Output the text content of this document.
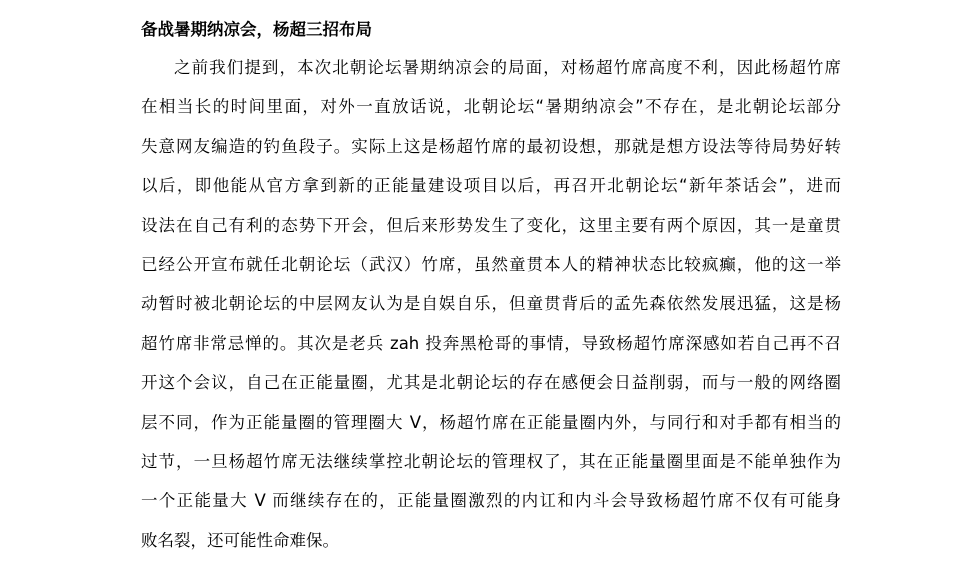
备战暑期纳凉会，杨超三招布局
之前我们提到，本次北朝论坛暑期纳凉会的局面，对杨超竹席高度不利，因此杨超竹席
在相当长的时间里面，对外一直放话说，北朝论坛“暑期纳凉会”不存在，是北朝论坛部分
失意网友编造的钓鱼段子。实际上这是杨超竹席的最初设想，那就是想方设法等待局势好转
以后，即他能从官方拿到新的正能量建设项目以后，再召开北朝论坛“新年茶话会”，进而
设法在自己有利的态势下开会，但后来形势发生了变化，这里主要有两个原因，其一是童贯
已经公开宣布就任北朝论坛（武汉）竹席，虽然童贯本人的精神状态比较疯癫，他的这一举
动暂时被北朝论坛的中层网友认为是自娱自乐，但童贯背后的孟先森依然发展迅猛，这是杨
超竹席非常忌惮的。其次是老兵 zah 投奔黑枪哥的事情，导致杨超竹席深感如若自己再不召
开这个会议，自己在正能量圈，尤其是北朝论坛的存在感便会日益削弱，而与一般的网络圈
层不同，作为正能量圈的管理圈大 V，杨超竹席在正能量圈内外，与同行和对手都有相当的
过节，一旦杨超竹席无法继续掌控北朝论坛的管理权了，其在正能量圈里面是不能单独作为
一个正能量大 V 而继续存在的，正能量圈激烈的内讧和内斗会导致杨超竹席不仅有可能身
败名裂，还可能性命难保。
